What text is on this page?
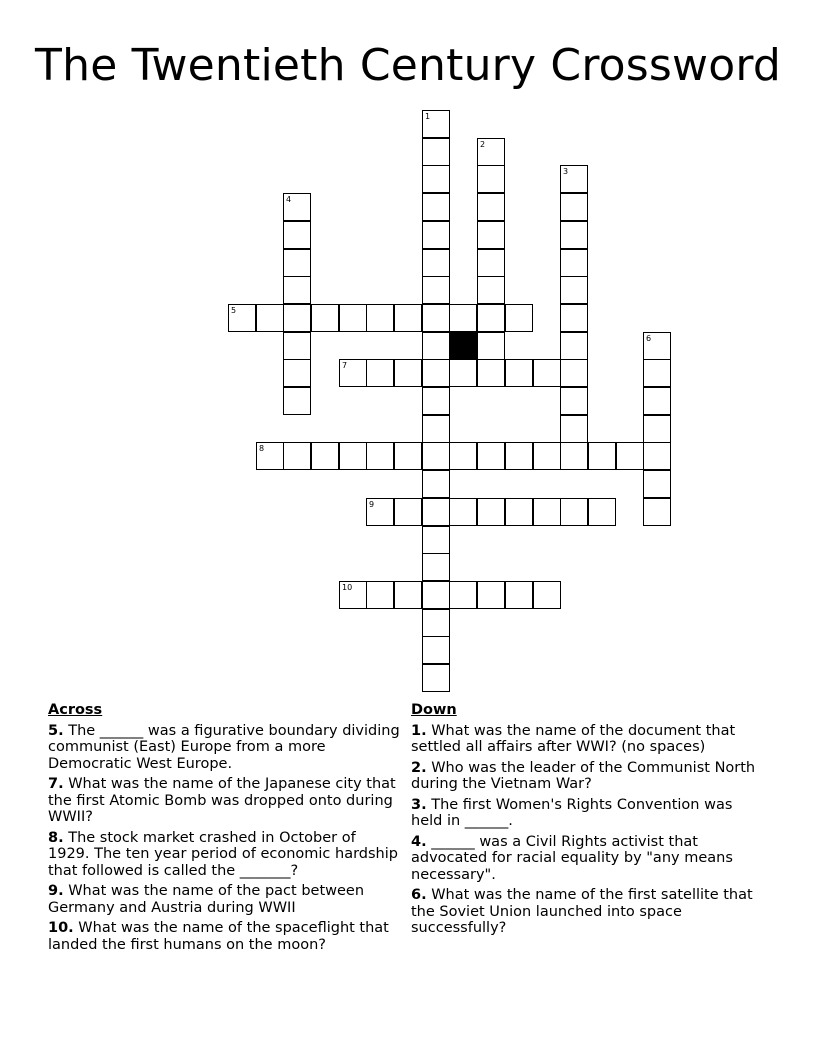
The Twentieth Century Crossword
1
2
3
4
5
6
7
8
9
10
Across
5. The ______ was a figurative boundary dividing communist (East) Europe from a more Democratic West Europe.
7. What was the name of the Japanese city that the first Atomic Bomb was dropped onto during WWII?
8. The stock market crashed in October of 1929. The ten year period of economic hardship that followed is called the _______?
9. What was the name of the pact between Germany and Austria during WWII
10. What was the name of the spaceflight that landed the first humans on the moon?
Down
1. What was the name of the document that settled all affairs after WWI? (no spaces)
2. Who was the leader of the Communist North during the Vietnam War?
3. The first Women's Rights Convention was held in ______.
4. ______ was a Civil Rights activist that advocated for racial equality by "any means necessary".
6. What was the name of the first satellite that the Soviet Union launched into space successfully?
